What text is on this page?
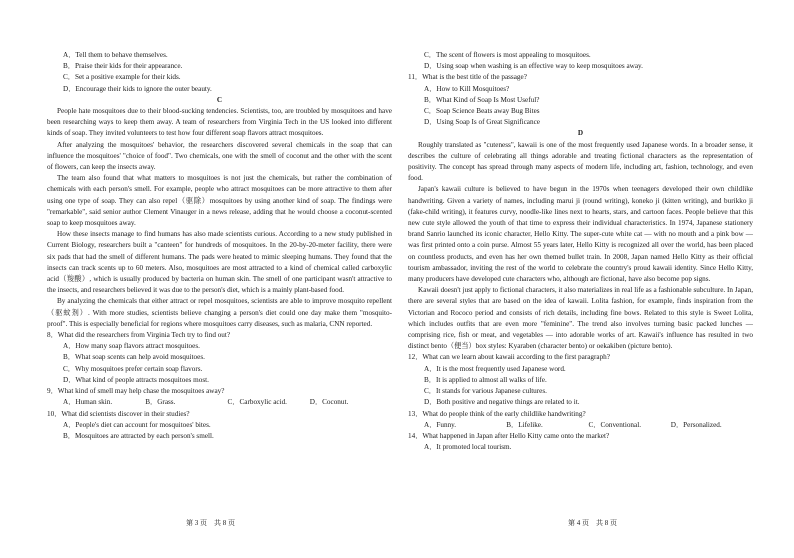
A．Tell them to behave themselves.
B．Praise their kids for their appearance.
C．Set a positive example for their kids.
D．Encourage their kids to ignore the outer beauty.
C
People hate mosquitoes due to their blood-sucking tendencies. Scientists, too, are troubled by mosquitoes and have been researching ways to keep them away. A team of researchers from Virginia Tech in the US looked into different kinds of soap. They invited volunteers to test how four different soap flavors attract mosquitoes.
After analyzing the mosquitoes' behavior, the researchers discovered several chemicals in the soap that can influence the mosquitoes' "choice of food". Two chemicals, one with the smell of coconut and the other with the scent of flowers, can keep the insects away.
The team also found that what matters to mosquitoes is not just the chemicals, but rather the combination of chemicals with each person's smell. For example, people who attract mosquitoes can be more attractive to them after using one type of soap. They can also repel（驱除）mosquitoes by using another kind of soap. The findings were "remarkable", said senior author Clement Vinauger in a news release, adding that he would choose a coconut-scented soap to keep mosquitoes away.
How these insects manage to find humans has also made scientists curious. According to a new study published in Current Biology, researchers built a "canteen" for hundreds of mosquitoes. In the 20-by-20-meter facility, there were six pads that had the smell of different humans. The pads were heated to mimic sleeping humans. They found that the insects can track scents up to 60 meters. Also, mosquitoes are most attracted to a kind of chemical called carboxylic acid（羧酸）, which is usually produced by bacteria on human skin. The smell of one participant wasn't attractive to the insects, and researchers believed it was due to the person's diet, which is a mainly plant-based food.
By analyzing the chemicals that either attract or repel mosquitoes, scientists are able to improve mosquito repellent（驱蚊剂）. With more studies, scientists believe changing a person's diet could one day make them "mosquito-proof". This is especially beneficial for regions where mosquitoes carry diseases, such as malaria, CNN reported.
8．What did the researchers from Virginia Tech try to find out?
A．How many soap flavors attract mosquitoes.
B．What soap scents can help avoid mosquitoes.
C．Why mosquitoes prefer certain soap flavors.
D．What kind of people attracts mosquitoes most.
9．What kind of smell may help chase the mosquitoes away?
A．Human skin.	B．Grass.	C．Carboxylic acid.	D．Coconut.
10．What did scientists discover in their studies?
A．People's diet can account for mosquitoes' bites.
B．Mosquitoes are attracted by each person's smell.
C．The scent of flowers is most appealing to mosquitoes.
D．Using soap when washing is an effective way to keep mosquitoes away.
11．What is the best title of the passage?
A．How to Kill Mosquitoes?
B．What Kind of Soap Is Most Useful?
C．Soap Science Beats away Bug Bites
D．Using Soap Is of Great Significance
D
Roughly translated as "cuteness", kawaii is one of the most frequently used Japanese words. In a broader sense, it describes the culture of celebrating all things adorable and treating fictional characters as the representation of positivity. The concept has spread through many aspects of modern life, including art, fashion, technology, and even food.
Japan's kawaii culture is believed to have begun in the 1970s when teenagers developed their own childlike handwriting. Given a variety of names, including marui ji (round writing), koneko ji (kitten writing), and burikko ji (fake-child writing), it features curvy, noodle-like lines next to hearts, stars, and cartoon faces. People believe that this new cute style allowed the youth of that time to express their individual characteristics. In 1974, Japanese stationery brand Sanrio launched its iconic character, Hello Kitty. The super-cute white cat — with no mouth and a pink bow — was first printed onto a coin purse. Almost 55 years later, Hello Kitty is recognized all over the world, has been placed on countless products, and even has her own themed bullet train. In 2008, Japan named Hello Kitty as their official tourism ambassador, inviting the rest of the world to celebrate the country's proud kawaii identity. Since Hello Kitty, many producers have developed cute characters who, although are fictional, have also become pop signs.
Kawaii doesn't just apply to fictional characters, it also materializes in real life as a fashionable subculture. In Japan, there are several styles that are based on the idea of kawaii. Lolita fashion, for example, finds inspiration from the Victorian and Rococo period and consists of rich details, including fine bows. Related to this style is Sweet Lolita, which includes outfits that are even more "feminine". The trend also involves turning basic packed lunches — comprising rice, fish or meat, and vegetables — into adorable works of art. Kawaii's influence has resulted in two distinct bento（便当）box styles: Kyaraben (character bento) or oekakiben (picture bento).
12．What can we learn about kawaii according to the first paragraph?
A．It is the most frequently used Japanese word.
B．It is applied to almost all walks of life.
C．It stands for various Japanese cultures.
D．Both positive and negative things are related to it.
13．What do people think of the early childlike handwriting?
A．Funny.	B．Lifelike.	C．Conventional.	D．Personalized.
14．What happened in Japan after Hello Kitty came onto the market?
A．It promoted local tourism.
第 3 页　共 8 页	第 4 页　共 8 页
